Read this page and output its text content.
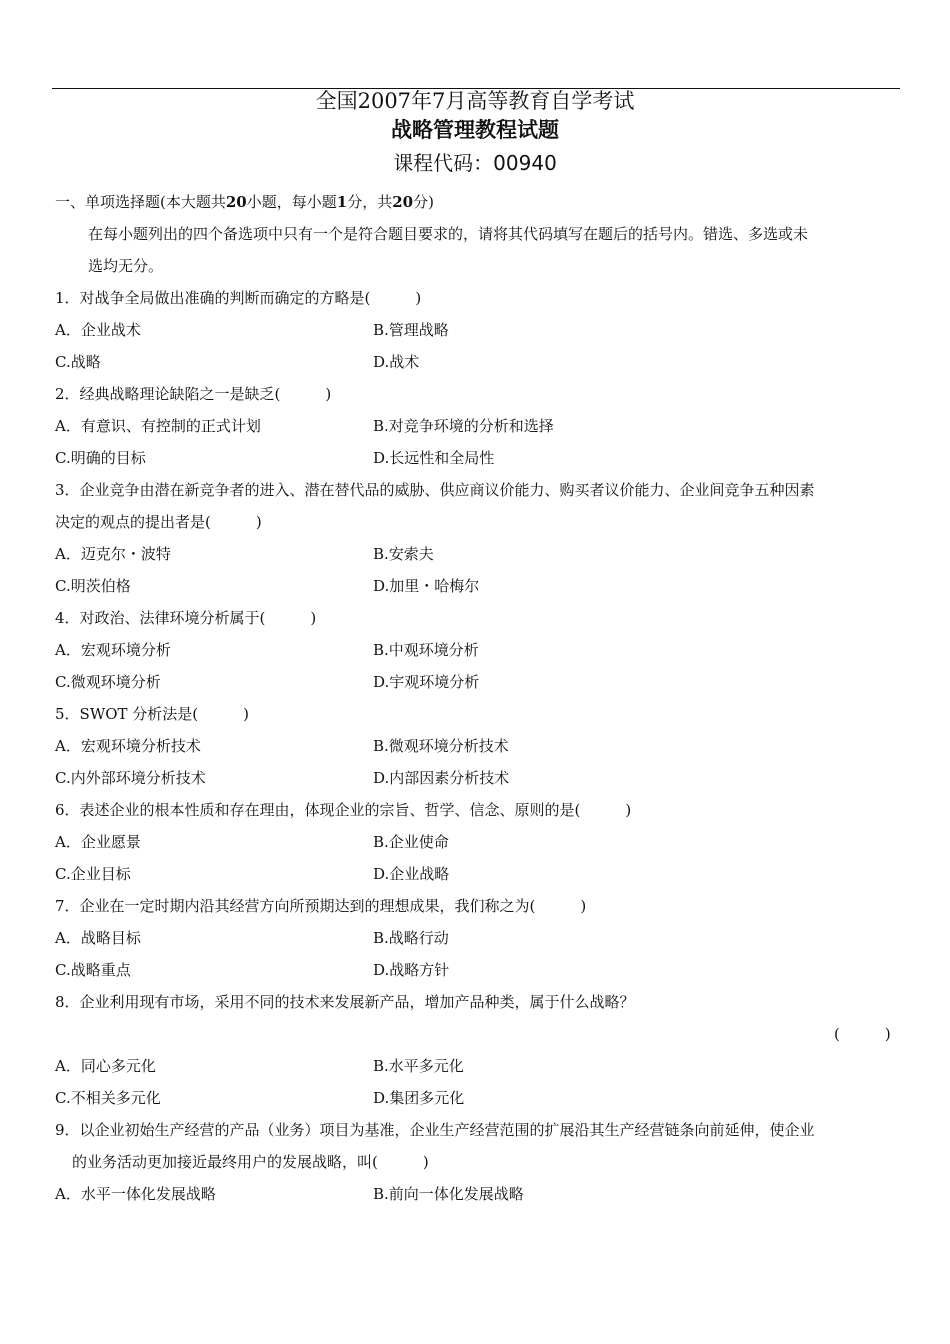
全国2007年7月高等教育自学考试
战略管理教程试题
课程代码：00940
一、单项选择题(本大题共20小题，每小题1分，共20分)
在每小题列出的四个备选项中只有一个是符合题目要求的，请将其代码填写在题后的括号内。错选、多选或未
选均无分。
1．对战争全局做出准确的判断而确定的方略是(　　　)
A．企业战术	B.管理战略
C.战略	D.战术
2．经典战略理论缺陷之一是缺乏(　　　)
A．有意识、有控制的正式计划	B.对竞争环境的分析和选择
C.明确的目标	D.长远性和全局性
3．企业竞争由潜在新竞争者的进入、潜在替代品的威胁、供应商议价能力、购买者议价能力、企业间竞争五种因素
决定的观点的提出者是(　　　)
A．迈克尔・波特	B.安索夫
C.明茨伯格	D.加里・哈梅尔
4．对政治、法律环境分析属于(　　　)
A．宏观环境分析	B.中观环境分析
C.微观环境分析	D.宇观环境分析
5．SWOT 分析法是(　　　)
A．宏观环境分析技术	B.微观环境分析技术
C.内外部环境分析技术	D.内部因素分析技术
6．表述企业的根本性质和存在理由，体现企业的宗旨、哲学、信念、原则的是(　　　)
A．企业愿景	B.企业使命
C.企业目标	D.企业战略
7．企业在一定时期内沿其经营方向所预期达到的理想成果，我们称之为(　　　)
A．战略目标	B.战略行动
C.战略重点	D.战略方针
8．企业利用现有市场，采用不同的技术来发展新产品，增加产品种类，属于什么战略？
(　　　)
A．同心多元化	B.水平多元化
C.不相关多元化	D.集团多元化
9．以企业初始生产经营的产品（业务）项目为基准，企业生产经营范围的扩展沿其生产经营链条向前延伸，使企业
的业务活动更加接近最终用户的发展战略，叫(　　　)
A．水平一体化发展战略	B.前向一体化发展战略
